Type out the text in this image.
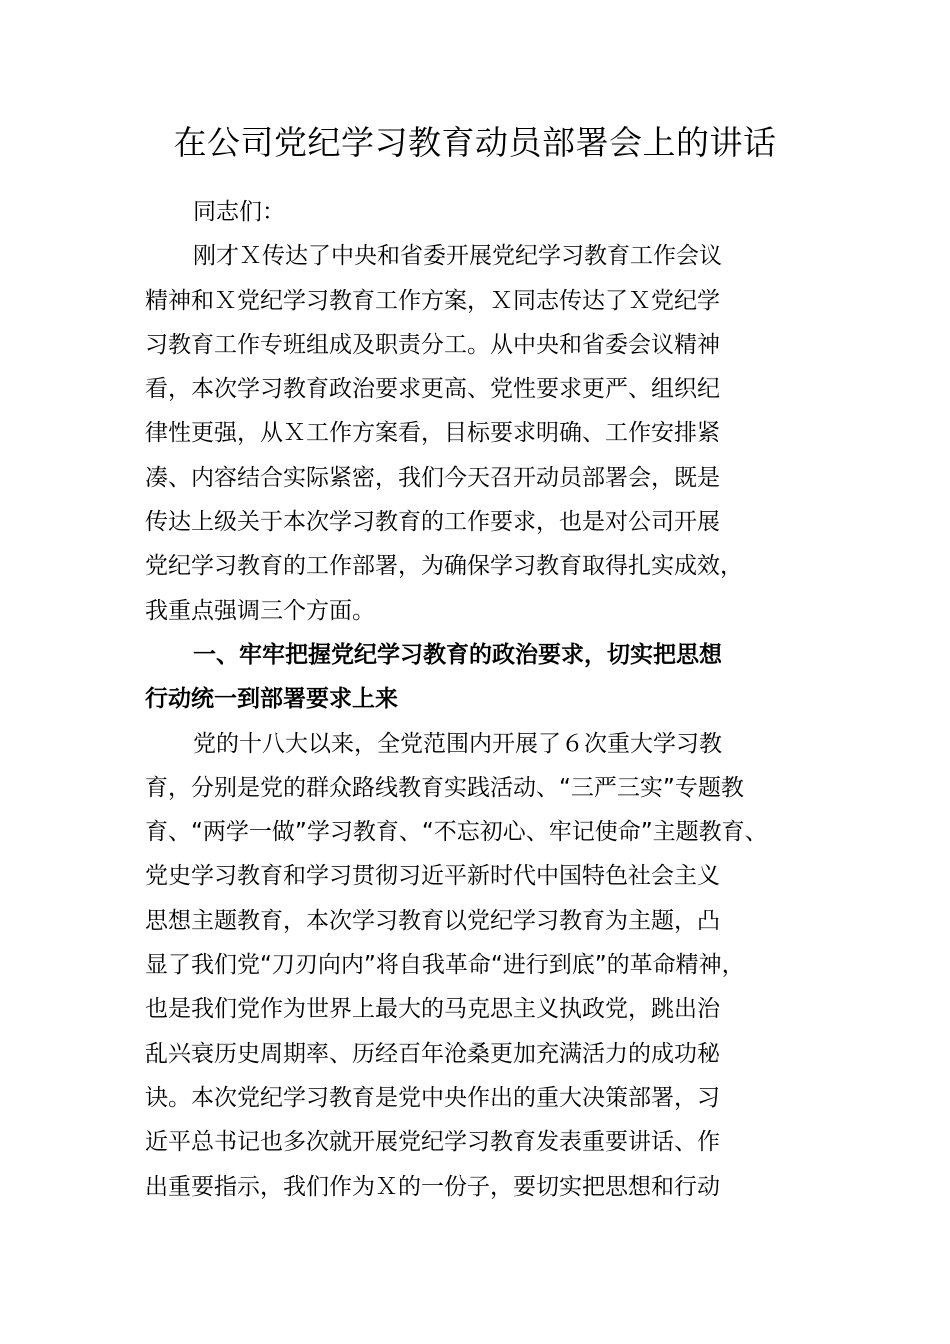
在公司党纪学习教育动员部署会上的讲话
同志们：
刚才Ｘ传达了中央和省委开展党纪学习教育工作会议
精神和Ｘ党纪学习教育工作方案，Ｘ同志传达了Ｘ党纪学
习教育工作专班组成及职责分工。从中央和省委会议精神
看，本次学习教育政治要求更高、党性要求更严、组织纪
律性更强，从Ｘ工作方案看，目标要求明确、工作安排紧
凑、内容结合实际紧密，我们今天召开动员部署会，既是
传达上级关于本次学习教育的工作要求，也是对公司开展
党纪学习教育的工作部署，为确保学习教育取得扎实成效，
我重点强调三个方面。
一、牢牢把握党纪学习教育的政治要求，切实把思想
行动统一到部署要求上来
党的十八大以来，全党范围内开展了６次重大学习教
育，分别是党的群众路线教育实践活动、“三严三实”专题教
育、“两学一做”学习教育、“不忘初心、牢记使命”主题教育、
党史学习教育和学习贯彻习近平新时代中国特色社会主义
思想主题教育，本次学习教育以党纪学习教育为主题，凸
显了我们党“刀刃向内”将自我革命“进行到底”的革命精神，
也是我们党作为世界上最大的马克思主义执政党，跳出治
乱兴衰历史周期率、历经百年沧桑更加充满活力的成功秘
诀。本次党纪学习教育是党中央作出的重大决策部署，习
近平总书记也多次就开展党纪学习教育发表重要讲话、作
出重要指示，我们作为Ｘ的一份子，要切实把思想和行动
